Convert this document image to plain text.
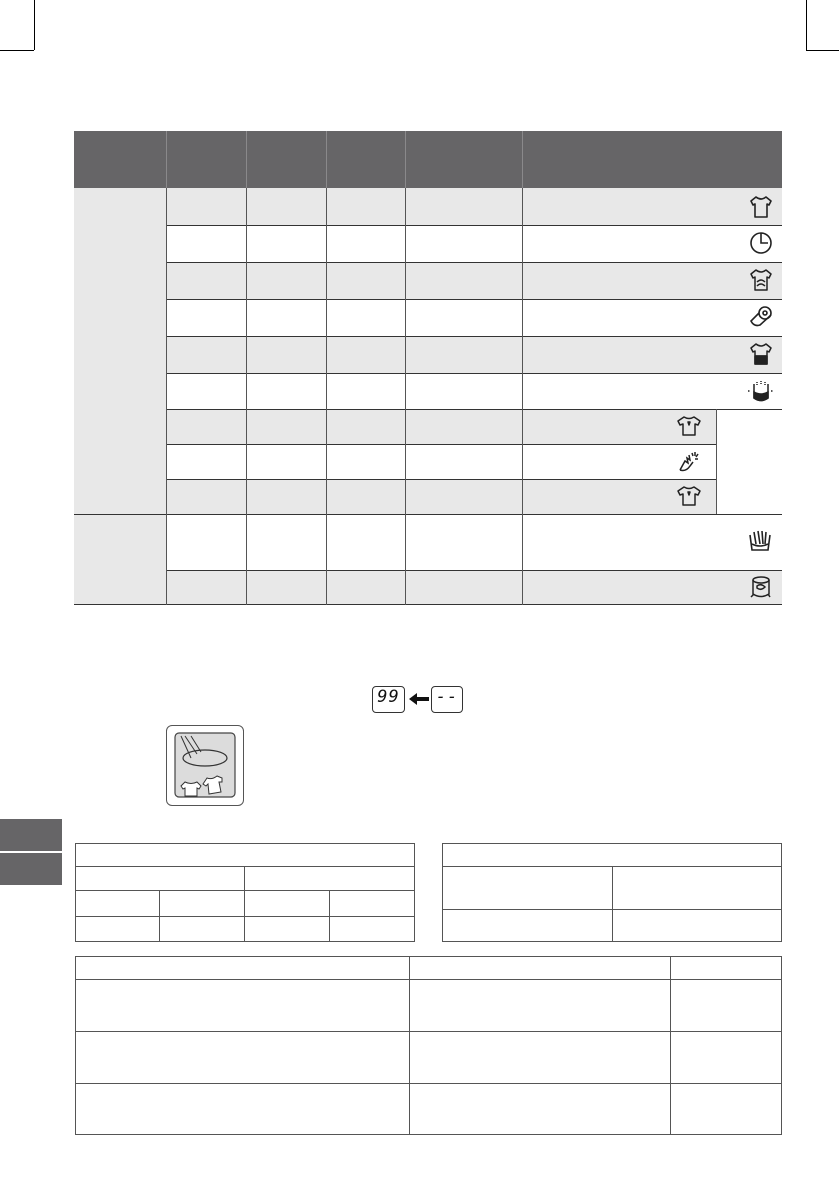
99	--
